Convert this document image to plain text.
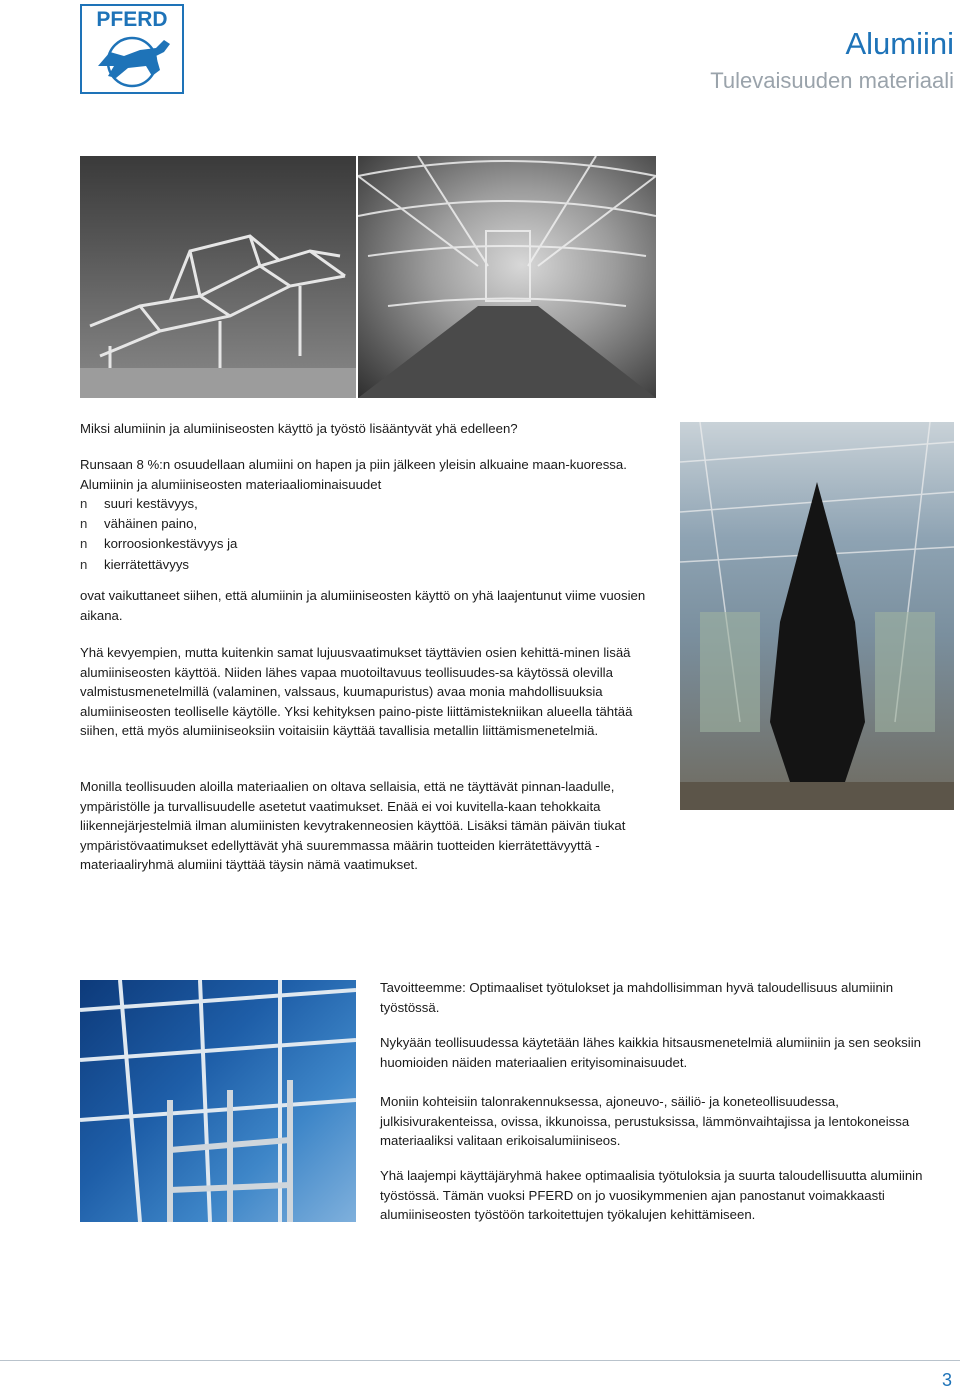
PFERD
Alumiini
Tulevaisuuden materiaali
Miksi alumiinin ja alumiiniseosten käyttö ja työstö lisääntyvät yhä edelleen?
Runsaan 8 %:n osuudellaan alumiini on hapen ja piin jälkeen yleisin alkuaine maan-kuoressa. Alumiinin ja alumiiniseosten materiaaliominaisuudet
n suuri kestävyys,
n vähäinen paino,
n korroosionkestävyys ja
n kierrätettävyys
ovat vaikuttaneet siihen, että alumiinin ja alumiiniseosten käyttö on yhä laajentunut viime vuosien aikana.
Yhä kevyempien, mutta kuitenkin samat lujuusvaatimukset täyttävien osien kehittä-minen lisää alumiiniseosten käyttöä. Niiden lähes vapaa muotoiltavuus teollisuudes-sa käytössä olevilla valmistusmenetelmillä (valaminen, valssaus, kuumapuristus) avaa monia mahdollisuuksia alumiiniseosten teolliselle käytölle. Yksi kehityksen paino-piste liittämistekniikan alueella tähtää siihen, että myös alumiiniseoksiin voitaisiin käyttää tavallisia metallin liittämismenetelmiä.
Monilla teollisuuden aloilla materiaalien on oltava sellaisia, että ne täyttävät pinnan-laadulle, ympäristölle ja turvallisuudelle asetetut vaatimukset. Enää ei voi kuvitella-kaan tehokkaita liikennejärjestelmiä ilman alumiinisten kevytrakenneosien käyttöä. Lisäksi tämän päivän tiukat ympäristövaatimukset edellyttävät yhä suuremmassa määrin tuotteiden kierrätettävyyttä - materiaaliryhmä alumiini täyttää täysin nämä vaatimukset.
Tavoitteemme: Optimaaliset työtulokset ja mahdollisimman hyvä taloudellisuus alumiinin työstössä.
Nykyään teollisuudessa käytetään lähes kaikkia hitsausmenetelmiä alumiiniin ja sen seoksiin huomioiden näiden materiaalien erityisominaisuudet.
Moniin kohteisiin talonrakennuksessa, ajoneuvo-, säiliö- ja koneteollisuudessa, julkisivurakenteissa, ovissa, ikkunoissa, perustuksissa, lämmönvaihtajissa ja lentokoneissa materiaaliksi valitaan erikoisalumiiniseos.
Yhä laajempi käyttäjäryhmä hakee optimaalisia työtuloksia ja suurta taloudellisuutta alumiinin työstössä. Tämän vuoksi PFERD on jo vuosikymmenien ajan panostanut voimakkaasti alumiiniseosten työstöön tarkoitettujen työkalujen kehittämiseen.
3
